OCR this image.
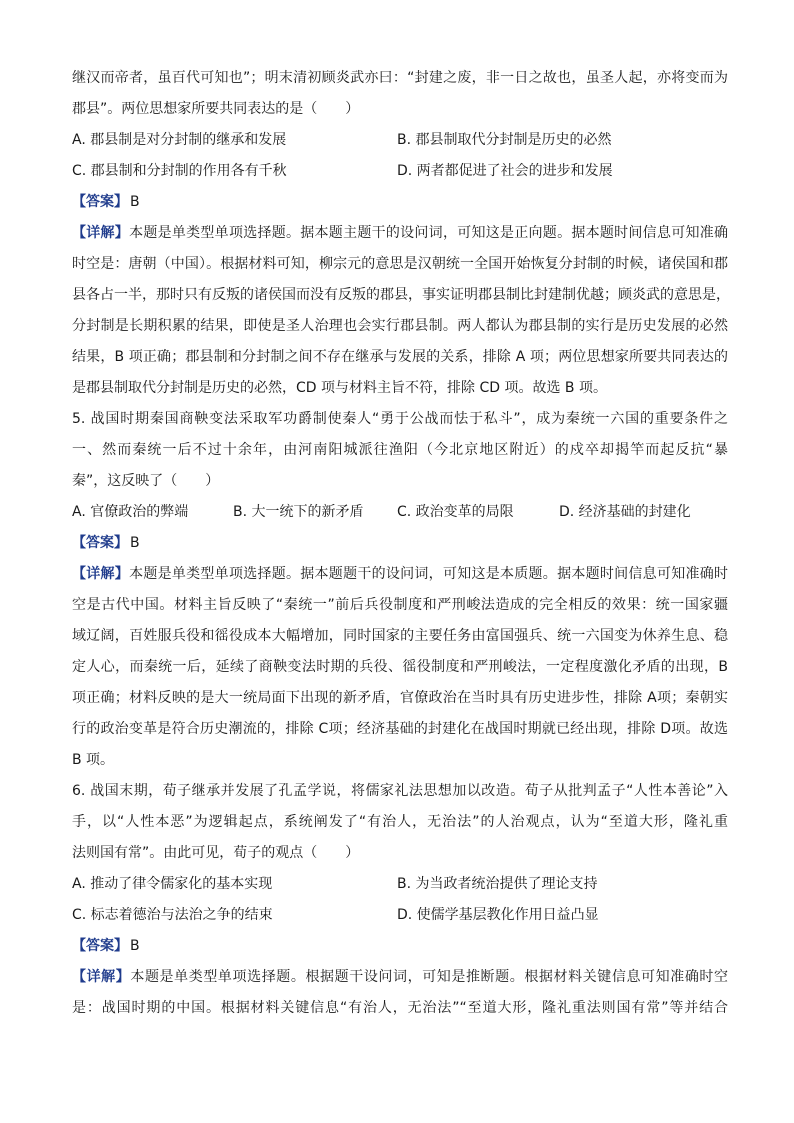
继汉而帝者，虽百代可知也”；明末清初顾炎武亦曰：“封建之废，非一日之故也，虽圣人起，亦将变而为
郡县”。两位思想家所要共同表达的是（　　）
A. 郡县制是对分封制的继承和发展	B. 郡县制取代分封制是历史的必然
C. 郡县制和分封制的作用各有千秋	D. 两者都促进了社会的进步和发展
【答案】 B
【详解】本题是单类型单项选择题。据本题主题干的设问词，可知这是正向题。据本题时间信息可知准确
时空是：唐朝（中国）。根据材料可知，柳宗元的意思是汉朝统一全国开始恢复分封制的时候，诸侯国和郡
县各占一半，那时只有反叛的诸侯国而没有反叛的郡县，事实证明郡县制比封建制优越；顾炎武的意思是，
分封制是长期积累的结果，即使是圣人治理也会实行郡县制。两人都认为郡县制的实行是历史发展的必然
结果，B 项正确；郡县制和分封制之间不存在继承与发展的关系，排除 A 项；两位思想家所要共同表达的
是郡县制取代分封制是历史的必然，CD 项与材料主旨不符，排除 CD 项。故选 B 项。
5. 战国时期秦国商鞅变法采取军功爵制使秦人“勇于公战而怯于私斗”，成为秦统一六国的重要条件之
一、然而秦统一后不过十余年，由河南阳城派往渔阳（今北京地区附近）的戍卒却揭竿而起反抗“暴
秦”，这反映了（　　）
A. 官僚政治的弊端	B. 大一统下的新矛盾	C. 政治变革的局限	D. 经济基础的封建化
【答案】 B
【详解】本题是单类型单项选择题。据本题题干的设问词，可知这是本质题。据本题时间信息可知准确时
空是古代中国。材料主旨反映了“秦统一”前后兵役制度和严刑峻法造成的完全相反的效果：统一国家疆
域辽阔，百姓服兵役和徭役成本大幅增加，同时国家的主要任务由富国强兵、统一六国变为休养生息、稳
定人心，而秦统一后，延续了商鞅变法时期的兵役、徭役制度和严刑峻法，一定程度激化矛盾的出现，B
项正确；材料反映的是大一统局面下出现的新矛盾，官僚政治在当时具有历史进步性，排除 A项；秦朝实
行的政治变革是符合历史潮流的，排除 C项；经济基础的封建化在战国时期就已经出现，排除 D项。故选
B 项。
6. 战国末期，荀子继承并发展了孔孟学说，将儒家礼法思想加以改造。荀子从批判孟子“人性本善论”入
手，以“人性本恶”为逻辑起点，系统阐发了“有治人，无治法”的人治观点，认为“至道大形，隆礼重
法则国有常”。由此可见，荀子的观点（　　）
A. 推动了律令儒家化的基本实现	B. 为当政者统治提供了理论支持
C. 标志着德治与法治之争的结束	D. 使儒学基层教化作用日益凸显
【答案】 B
【详解】本题是单类型单项选择题。根据题干设问词，可知是推断题。根据材料关键信息可知准确时空
是：战国时期的中国。根据材料关键信息“有治人，无治法”“至道大形，隆礼重法则国有常”等并结合
